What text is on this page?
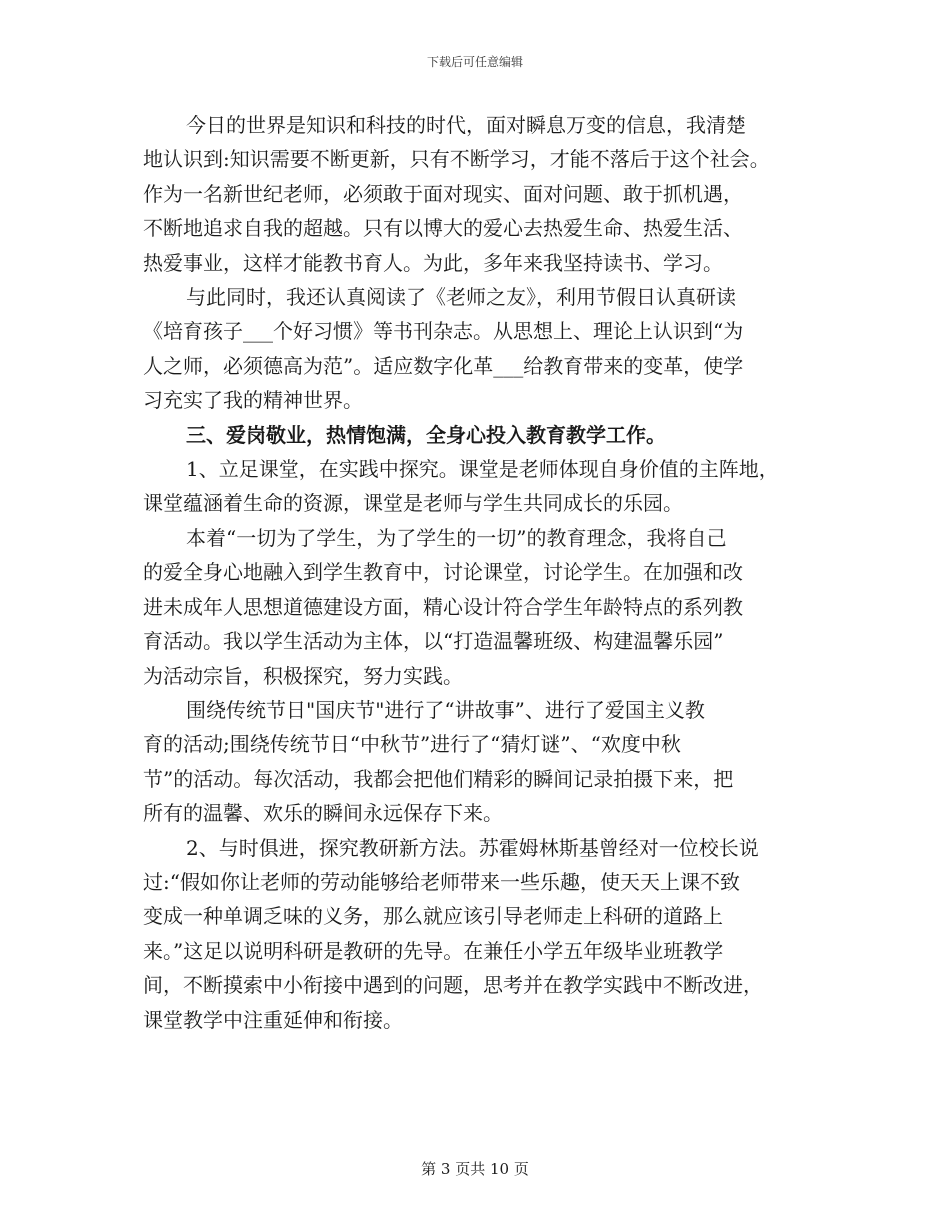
下载后可任意编辑

今日的世界是知识和科技的时代，面对瞬息万变的信息，我清楚
地认识到:知识需要不断更新，只有不断学习，才能不落后于这个社会。
作为一名新世纪老师，必须敢于面对现实、面对问题、敢于抓机遇，
不断地追求自我的超越。只有以博大的爱心去热爱生命、热爱生活、
热爱事业，这样才能教书育人。为此，多年来我坚持读书、学习。

与此同时，我还认真阅读了《老师之友》，利用节假日认真研读
《培育孩子___个好习惯》等书刊杂志。从思想上、理论上认识到“为
人之师，必须德高为范”。适应数字化革___给教育带来的变革，使学
习充实了我的精神世界。

三、爱岗敬业，热情饱满，全身心投入教育教学工作。

1、立足课堂，在实践中探究。课堂是老师体现自身价值的主阵地，
课堂蕴涵着生命的资源，课堂是老师与学生共同成长的乐园。

本着“一切为了学生，为了学生的一切”的教育理念，我将自己
的爱全身心地融入到学生教育中，讨论课堂，讨论学生。在加强和改
进未成年人思想道德建设方面，精心设计符合学生年龄特点的系列教
育活动。我以学生活动为主体，以“打造温馨班级、构建温馨乐园”
为活动宗旨，积极探究，努力实践。

围绕传统节日"国庆节"进行了“讲故事”、进行了爱国主义教
育的活动;围绕传统节日“中秋节”进行了“猜灯谜”、“欢度中秋
节”的活动。每次活动，我都会把他们精彩的瞬间记录拍摄下来，把
所有的温馨、欢乐的瞬间永远保存下来。

2、与时俱进，探究教研新方法。苏霍姆林斯基曾经对一位校长说
过:“假如你让老师的劳动能够给老师带来一些乐趣，使天天上课不致
变成一种单调乏味的义务，那么就应该引导老师走上科研的道路上
来。”这足以说明科研是教研的先导。在兼任小学五年级毕业班教学
间，不断摸索中小衔接中遇到的问题，思考并在教学实践中不断改进，
课堂教学中注重延伸和衔接。

第 3 页共 10 页
